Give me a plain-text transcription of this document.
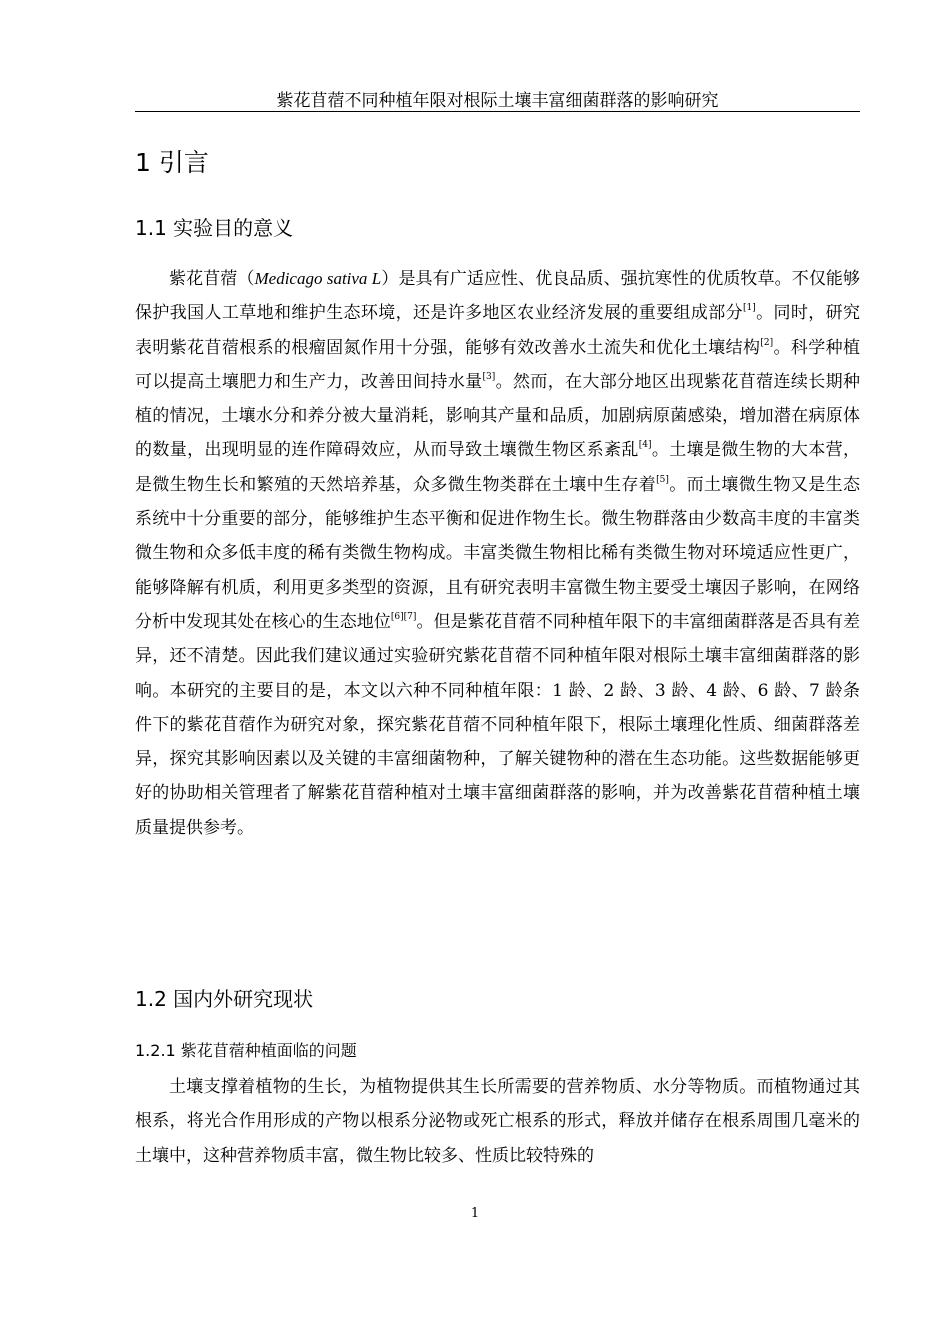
紫花苜蓿不同种植年限对根际土壤丰富细菌群落的影响研究
1 引言
1.1 实验目的意义

紫花苜蓿（Medicago sativa L）是具有广适应性、优良品质、强抗寒性的优质牧草。不仅能够保护我国人工草地和维护生态环境，还是许多地区农业经济发展的重要组成部分[1]。同时，研究表明紫花苜蓿根系的根瘤固氮作用十分强，能够有效改善水土流失和优化土壤结构[2]。科学种植可以提高土壤肥力和生产力，改善田间持水量[3]。然而，在大部分地区出现紫花苜蓿连续长期种植的情况，土壤水分和养分被大量消耗，影响其产量和品质，加剧病原菌感染，增加潜在病原体的数量，出现明显的连作障碍效应，从而导致土壤微生物区系紊乱[4]。土壤是微生物的大本营，是微生物生长和繁殖的天然培养基，众多微生物类群在土壤中生存着[5]。而土壤微生物又是生态系统中十分重要的部分，能够维护生态平衡和促进作物生长。微生物群落由少数高丰度的丰富类微生物和众多低丰度的稀有类微生物构成。丰富类微生物相比稀有类微生物对环境适应性更广，能够降解有机质，利用更多类型的资源，且有研究表明丰富微生物主要受土壤因子影响，在网络分析中发现其处在核心的生态地位[6][7]。但是紫花苜蓿不同种植年限下的丰富细菌群落是否具有差异，还不清楚。因此我们建议通过实验研究紫花苜蓿不同种植年限对根际土壤丰富细菌群落的影响。本研究的主要目的是，本文以六种不同种植年限：1 龄、2 龄、3 龄、4 龄、6 龄、7 龄条件下的紫花苜蓿作为研究对象，探究紫花苜蓿不同种植年限下，根际土壤理化性质、细菌群落差异，探究其影响因素以及关键的丰富细菌物种，了解关键物种的潜在生态功能。这些数据能够更好的协助相关管理者了解紫花苜蓿种植对土壤丰富细菌群落的影响，并为改善紫花苜蓿种植土壤质量提供参考。

1.2 国内外研究现状
1.2.1 紫花苜蓿种植面临的问题

土壤支撑着植物的生长，为植物提供其生长所需要的营养物质、水分等物质。而植物通过其根系，将光合作用形成的产物以根系分泌物或死亡根系的形式，释放并储存在根系周围几毫米的土壤中，这种营养物质丰富，微生物比较多、性质比较特殊的

1
